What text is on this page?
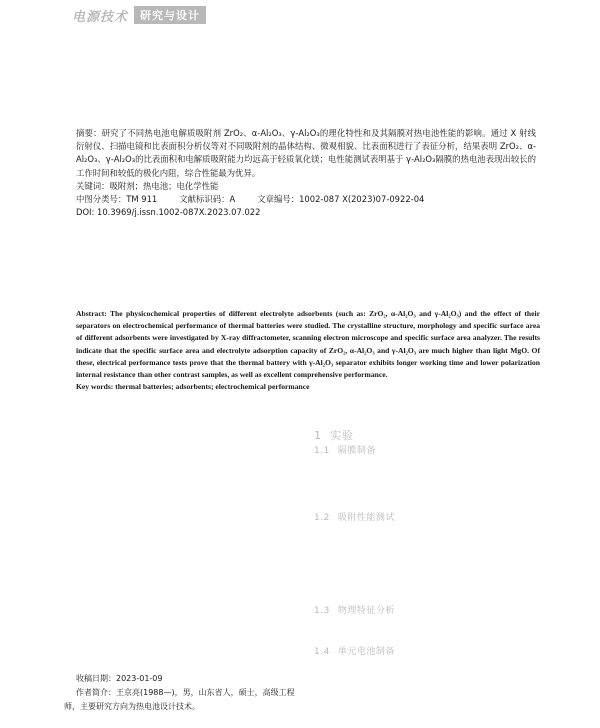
电源技术	研究与设计

摘要：研究了不同热电池电解质吸附剂 ZrO₂、α-Al₂O₃、γ-Al₂O₃的理化特性和及其隔膜对热电池性能的影响。通过 X 射线衍射仪、扫描电镜和比表面积分析仪等对不同吸附剂的晶体结构、微观相貌、比表面积进行了表征分析，结果表明 ZrO₂、α-Al₂O₃、γ-Al₂O₃的比表面积和电解质吸附能力均远高于轻质氧化镁；电性能测试表明基于 γ-Al₂O₃隔膜的热电池表现出较长的工作时间和较低的极化内阻，综合性能最为优异。

关键词：吸附剂；热电池；电化学性能

中图分类号：TM 911	文献标识码：A	文章编号：1002-087 X(2023)07-0922-04

DOI: 10.3969/j.issn.1002-087X.2023.07.022

Abstract: The physicochemical properties of different electrolyte adsorbents (such as: ZrO₂, α-Al₂O₃ and γ-Al₂O₃) and the effect of their separators on electrochemical performance of thermal batteries were studied. The crystalline structure, morphology and specific surface area of different adsorbents were investigated by X-ray diffractometer, scanning electron microscope and specific surface area analyzer. The results indicate that the specific surface area and electrolyte adsorption capacity of ZrO₂, α-Al₂O₃ and γ-Al₂O₃ are much higher than light MgO. Of these, electrical performance tests prove that the thermal battery with γ-Al₂O₃ separator exhibits longer working time and lower polarization internal resistance than other contrast samples, as well as excellent comprehensive performance.

Key words: thermal batteries; adsorbents; electrochemical performance

1 实验
1.1 隔膜制备
1.2 吸附性能测试
1.3 物理特征分析
1.4 单元电池制备

收稿日期：2023-01-09

作者简介：王京亮(1988—)，男，山东省人，硕士，高级工程

师，主要研究方向为热电池设计技术。
